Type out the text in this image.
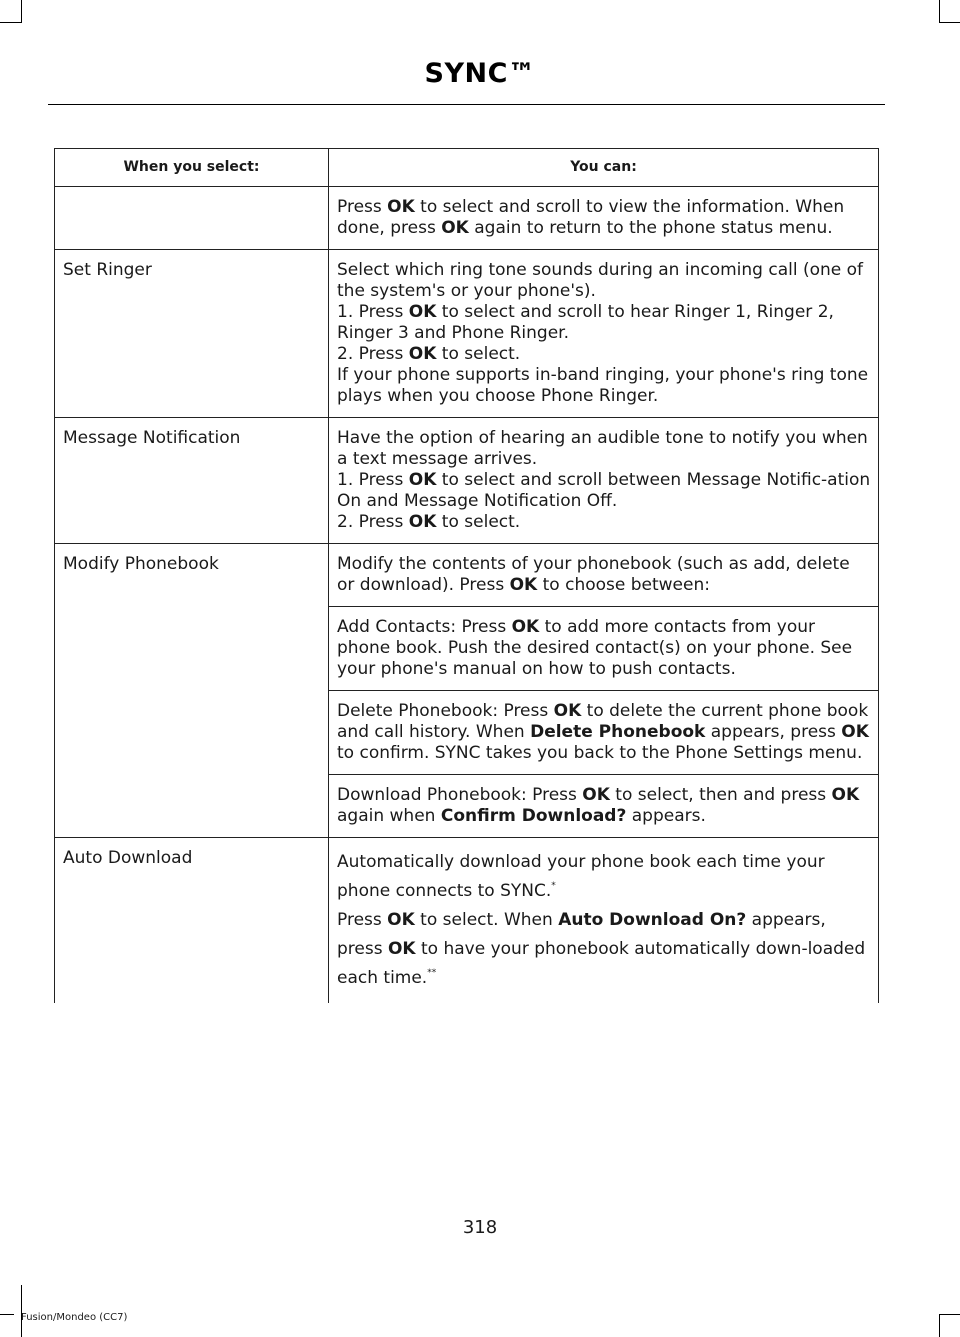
SYNC™
When you select:	You can:
	Press OK to select and scroll to view the information. When done, press OK again to return to the phone status menu.
Set Ringer	Select which ring tone sounds during an incoming call (one of the system's or your phone's).
1. Press OK to select and scroll to hear Ringer 1, Ringer 2, Ringer 3 and Phone Ringer.
2. Press OK to select.
If your phone supports in-band ringing, your phone's ring tone plays when you choose Phone Ringer.

Message Notification	Have the option of hearing an audible tone to notify you when a text message arrives.
1. Press OK to select and scroll between Message Notific-ation On and Message Notification Off.
2. Press OK to select.

Modify Phonebook	Modify the contents of your phonebook (such as add, delete or download). Press OK to choose between:
	Add Contacts: Press OK to add more contacts from your phone book. Push the desired contact(s) on your phone. See your phone's manual on how to push contacts.
	Delete Phonebook: Press OK to delete the current phone book and call history. When Delete Phonebook appears, press OK to confirm. SYNC takes you back to the Phone Settings menu.
	Download Phonebook: Press OK to select, then and press OK again when Confirm Download? appears.
Auto Download	Automatically download your phone book each time your phone connects to SYNC.*
Press OK to select. When Auto Download On? appears, press OK to have your phonebook automatically down-loaded each time.**
318
Fusion/Mondeo (CC7)
